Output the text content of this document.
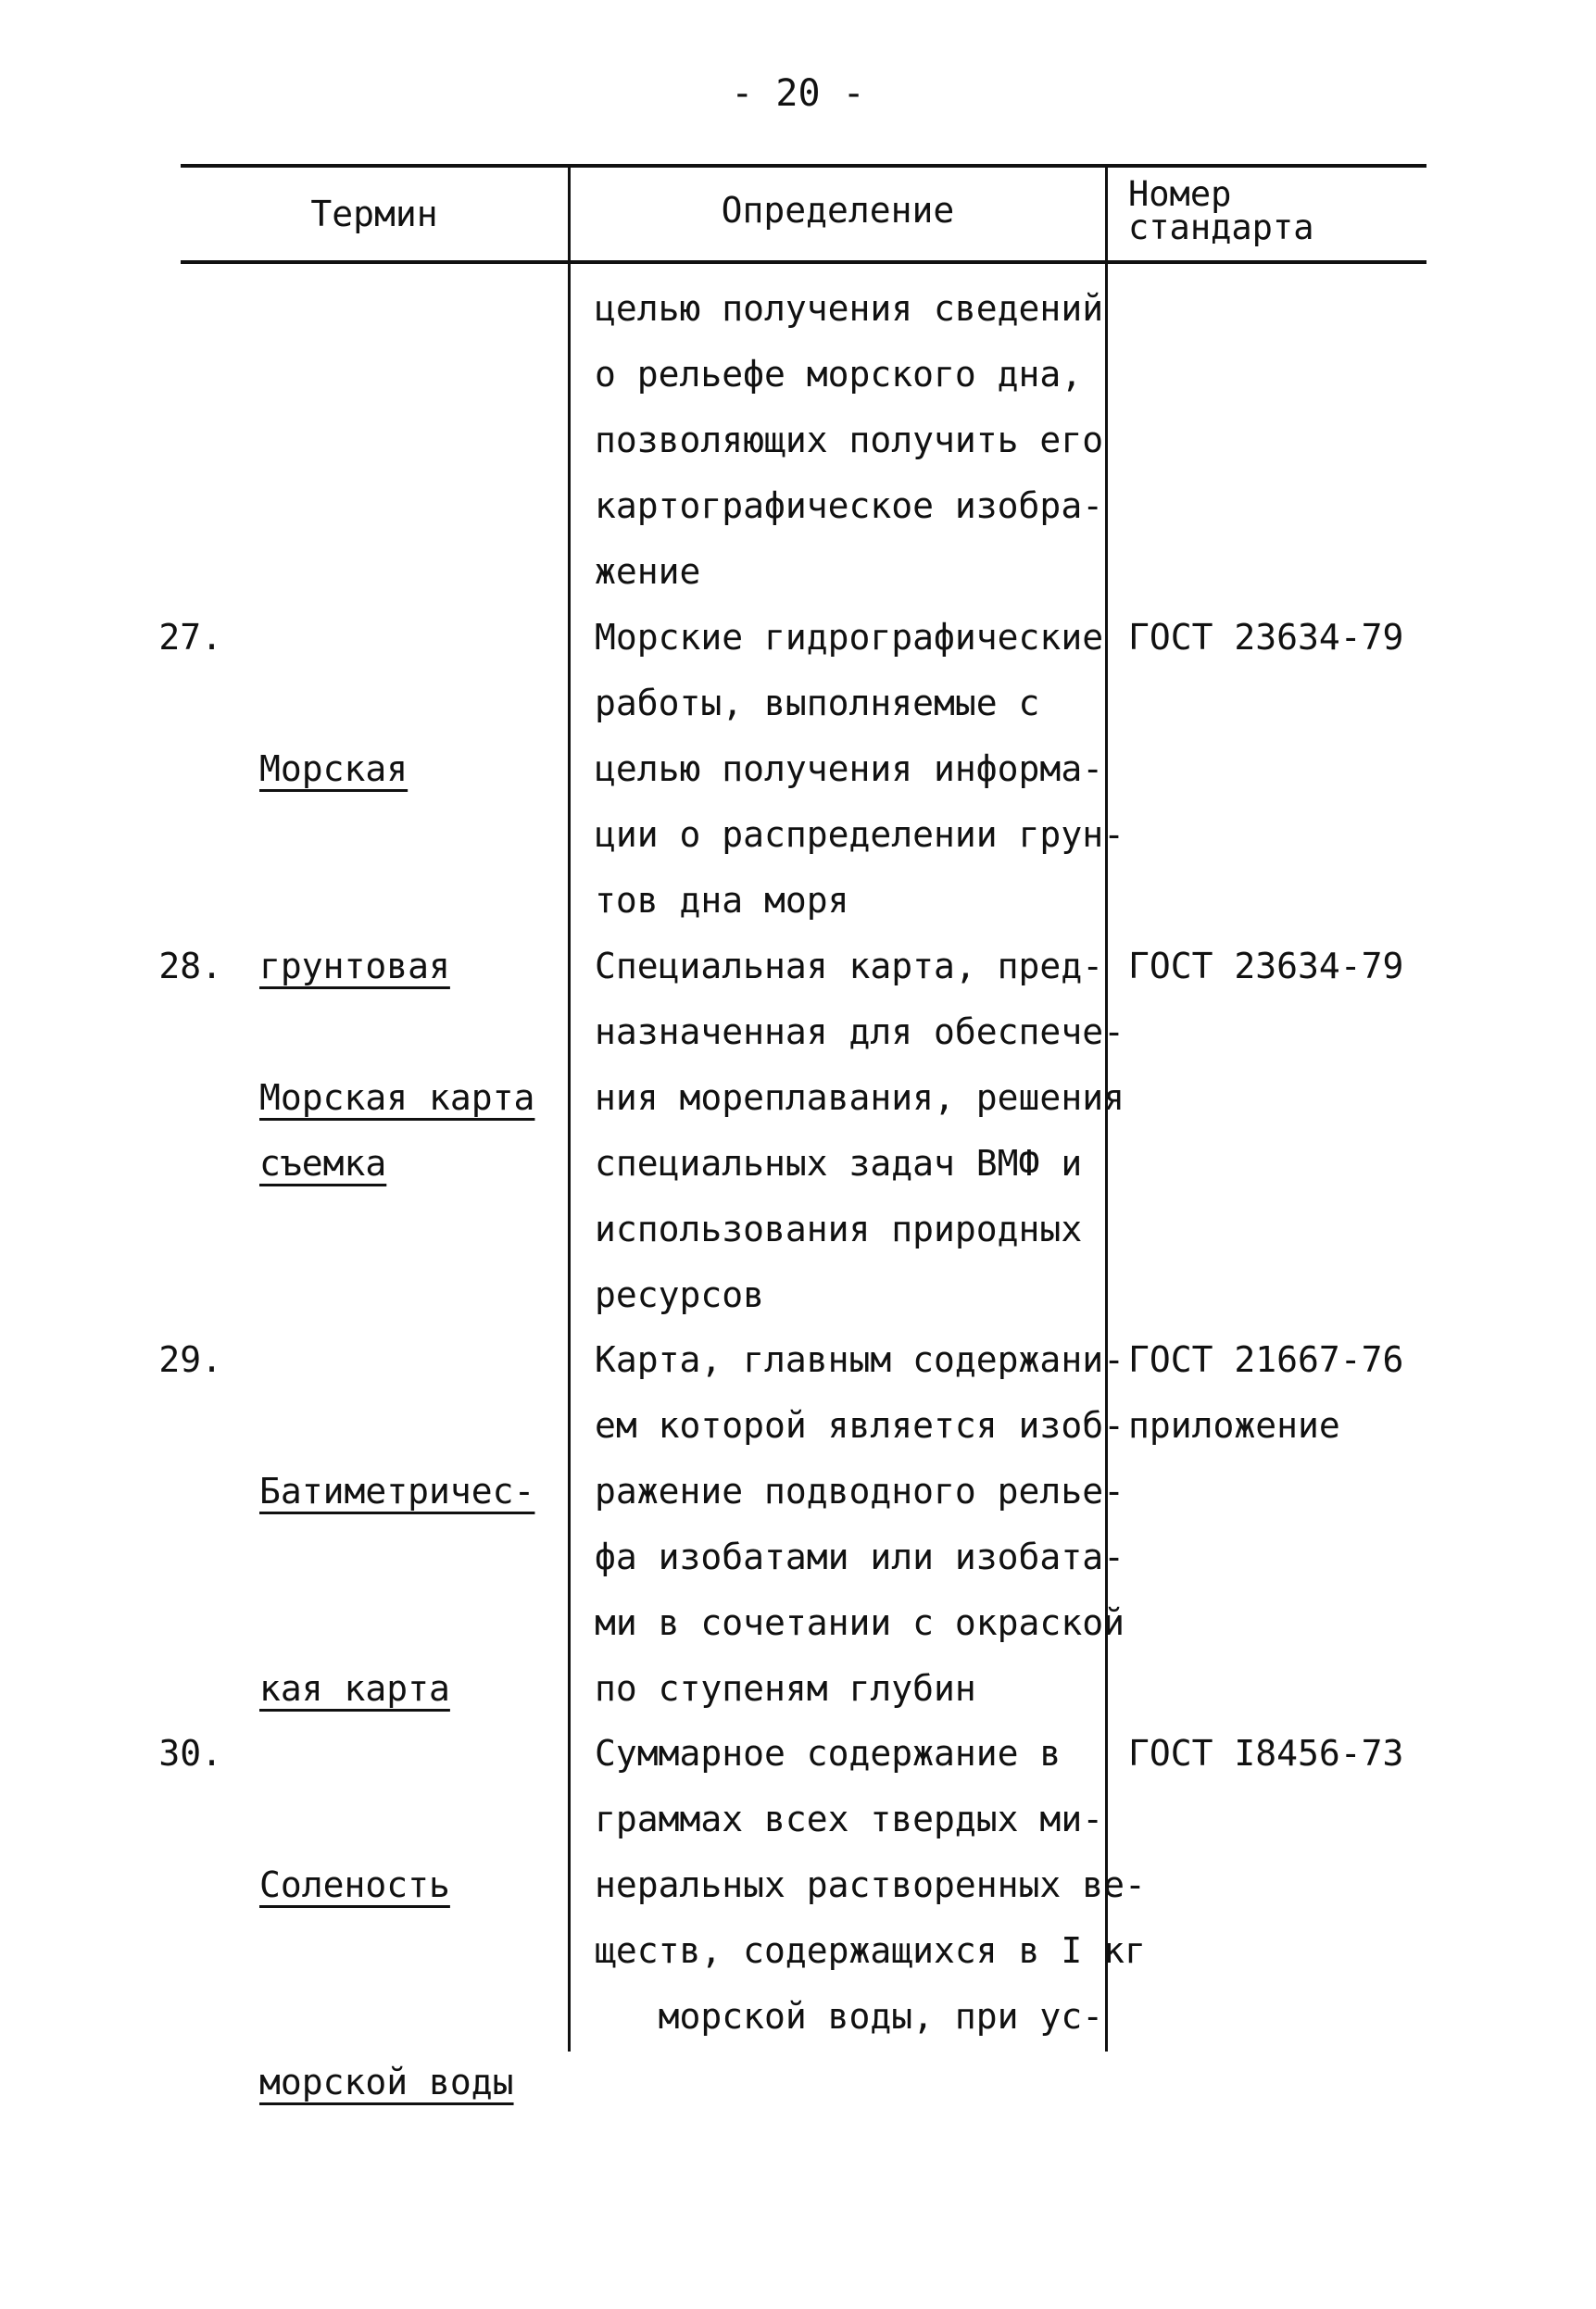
- 20 -
Термин	Определение	Номер
стандарта
целью получения сведений
о рельефе морского дна,
позволяющих получить его
картографическое изобра-
жение
27.

Морская

грунтовая

съемка

Морские гидрографические
работы, выполняемые с
целью получения информа-
ции о распределении грун-
тов дна моря
ГОСТ 23634-79
28.

Морская карта

Специальная карта, пред-
назначенная для обеспече-
ния мореплавания, решения
специальных задач ВМФ и
использования природных
ресурсов
ГОСТ 23634-79
29.

Батиметричес-

кая карта

Карта, главным содержани-
ем которой является изоб-
ражение подводного релье-
фа изобатами или изобата-
ми в сочетании с окраской
по ступеням глубин
ГОСТ 21667-76
приложение
30.

Соленость

морской воды

Суммарное содержание в
граммах всех твердых ми-
неральных растворенных ве-
ществ, содержащихся в I кг
морской воды, при ус-
ГОСТ I8456-73
